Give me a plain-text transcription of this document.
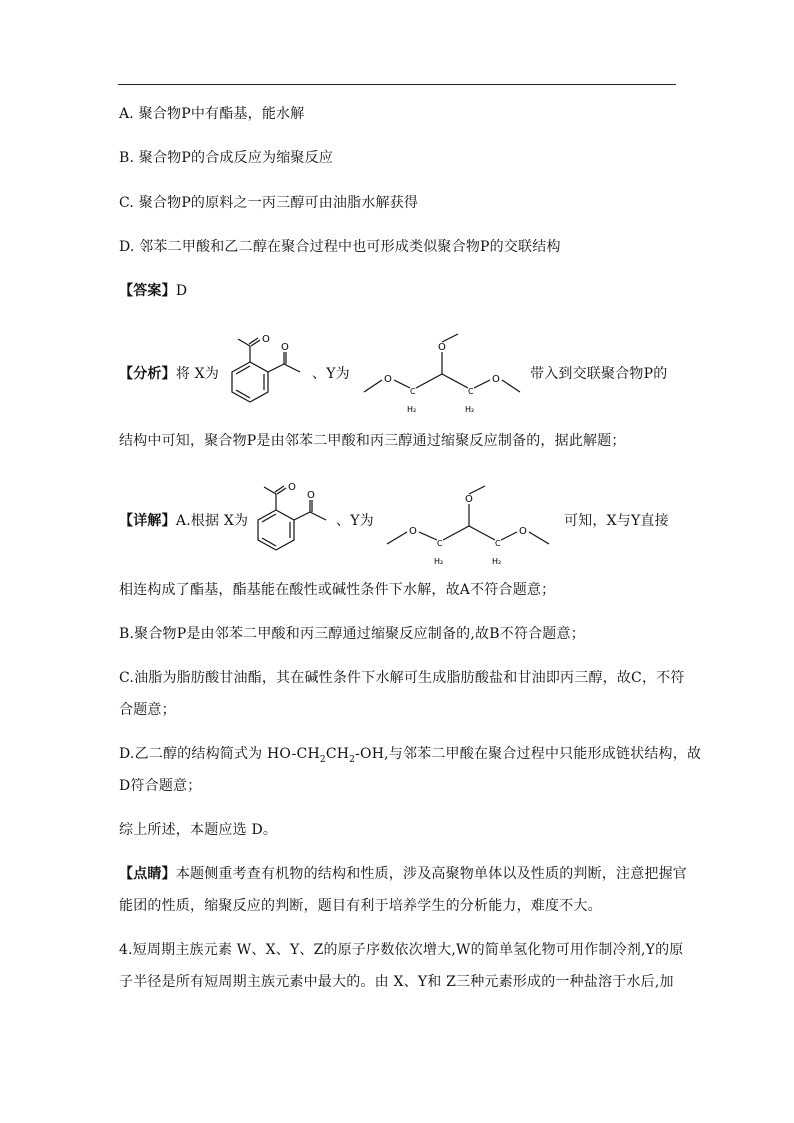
A. 聚合物P中有酯基，能水解
B. 聚合物P的合成反应为缩聚反应
C. 聚合物P的原料之一丙三醇可由油脂水解获得
D. 邻苯二甲酸和乙二醇在聚合过程中也可形成类似聚合物P的交联结构
【答案】D
【分析】将 X为	、Y为	带入到交联聚合物P的
O
O
O
O
O
C	C
H₂	H₂
结构中可知，聚合物P是由邻苯二甲酸和丙三醇通过缩聚反应制备的，据此解题；
【详解】A.根据 X为	、Y为	可知，X与Y直接
O
O
O
O
O
C	C
H₂	H₂
相连构成了酯基，酯基能在酸性或碱性条件下水解，故A不符合题意；
B.聚合物P是由邻苯二甲酸和丙三醇通过缩聚反应制备的,故B不符合题意；
C.油脂为脂肪酸甘油酯，其在碱性条件下水解可生成脂肪酸盐和甘油即丙三醇，故C，不符
合题意；
D.乙二醇的结构简式为 $HO-CH_2CH_2-OH$,与邻苯二甲酸在聚合过程中只能形成链状结构，故
D符合题意；
综上所述，本题应选 D。
【点睛】本题侧重考查有机物的结构和性质，涉及高聚物单体以及性质的判断，注意把握官
能团的性质，缩聚反应的判断，题目有利于培养学生的分析能力，难度不大。
4.短周期主族元素 W、X、Y、Z的原子序数依次增大,W的简单氢化物可用作制冷剂,Y的原
子半径是所有短周期主族元素中最大的。由 X、Y和 Z三种元素形成的一种盐溶于水后,加
